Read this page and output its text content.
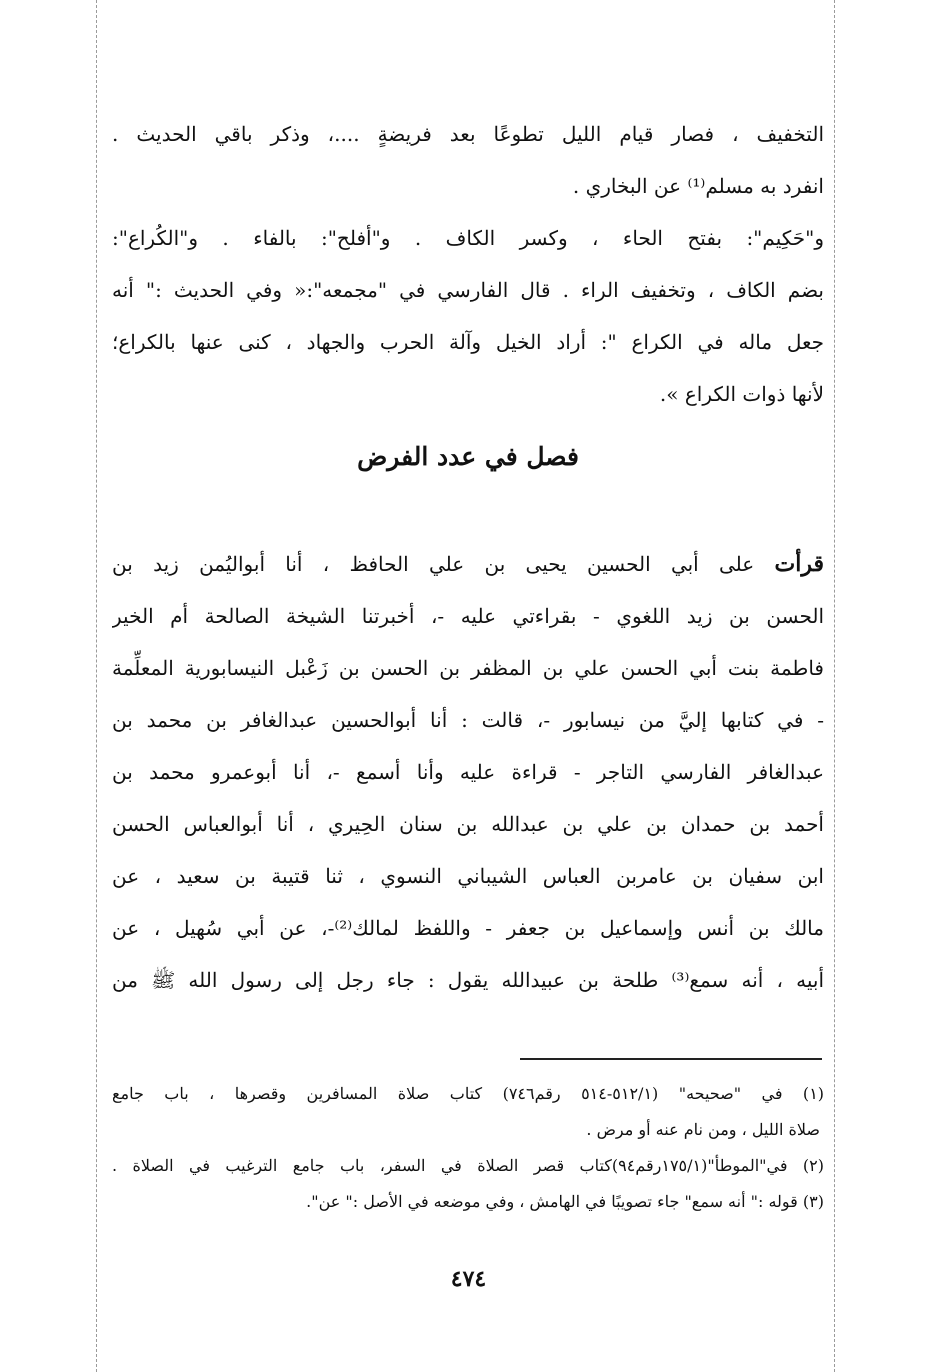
التخفيف ، فصار قيام الليل تطوعًا بعد فريضةٍ ....، وذكر باقي الحديث .
انفرد به مسلم⁽¹⁾ عن البخاري .
و"حَكِيم": بفتح الحاء ، وكسر الكاف . و"أفلح": بالفاء . و"الكُراع":
بضم الكاف ، وتخفيف الراء . قال الفارسي في "مجمعه":« وفي الحديث :" أنه
جعل ماله في الكراع ": أراد الخيل وآلة الحرب والجهاد ، كنى عنها بالكراع؛
لأنها ذوات الكراع ».
فصل في عدد الفرض
قرأت على أبي الحسين يحيى بن علي الحافظ ، أنا أبواليُمن زيد بن
الحسن بن زيد اللغوي - بقراءتي عليه -، أخبرتنا الشيخة الصالحة أم الخير
فاطمة بنت أبي الحسن علي بن المظفر بن الحسن بن زَعْبل النيسابورية المعلِّمة
- في كتابها إليَّ من نيسابور -، قالت : أنا أبوالحسين عبدالغافر بن محمد بن
عبدالغافر الفارسي التاجر - قراءة عليه وأنا أسمع -، أنا أبوعمرو محمد بن
أحمد بن حمدان بن علي بن عبدالله بن سنان الحِيري ، أنا أبوالعباس الحسن
ابن سفيان بن عامربن العباس الشيباني النسوي ، ثنا قتيبة بن سعيد ، عن
مالك بن أنس وإسماعيل بن جعفر - واللفظ لمالك⁽²⁾-، عن أبي سُهيل ، عن
أبيه ، أنه سمع⁽³⁾ طلحة بن عبيدالله يقول : جاء رجل إلى رسول الله ﷺ من
(١) في "صحيحه" (٥١٢/١-٥١٤ رقم٧٤٦) كتاب صلاة المسافرين وقصرها ، باب جامع
صلاة الليل ، ومن نام عنه أو مرض .
(٢) في"الموطأ"(١٧٥/١رقم٩٤)كتاب قصر الصلاة في السفر، باب جامع الترغيب في الصلاة .
(٣) قوله :" أنه سمع" جاء تصويبًا في الهامش ، وفي موضعه في الأصل :" عن".
٤٧٤
